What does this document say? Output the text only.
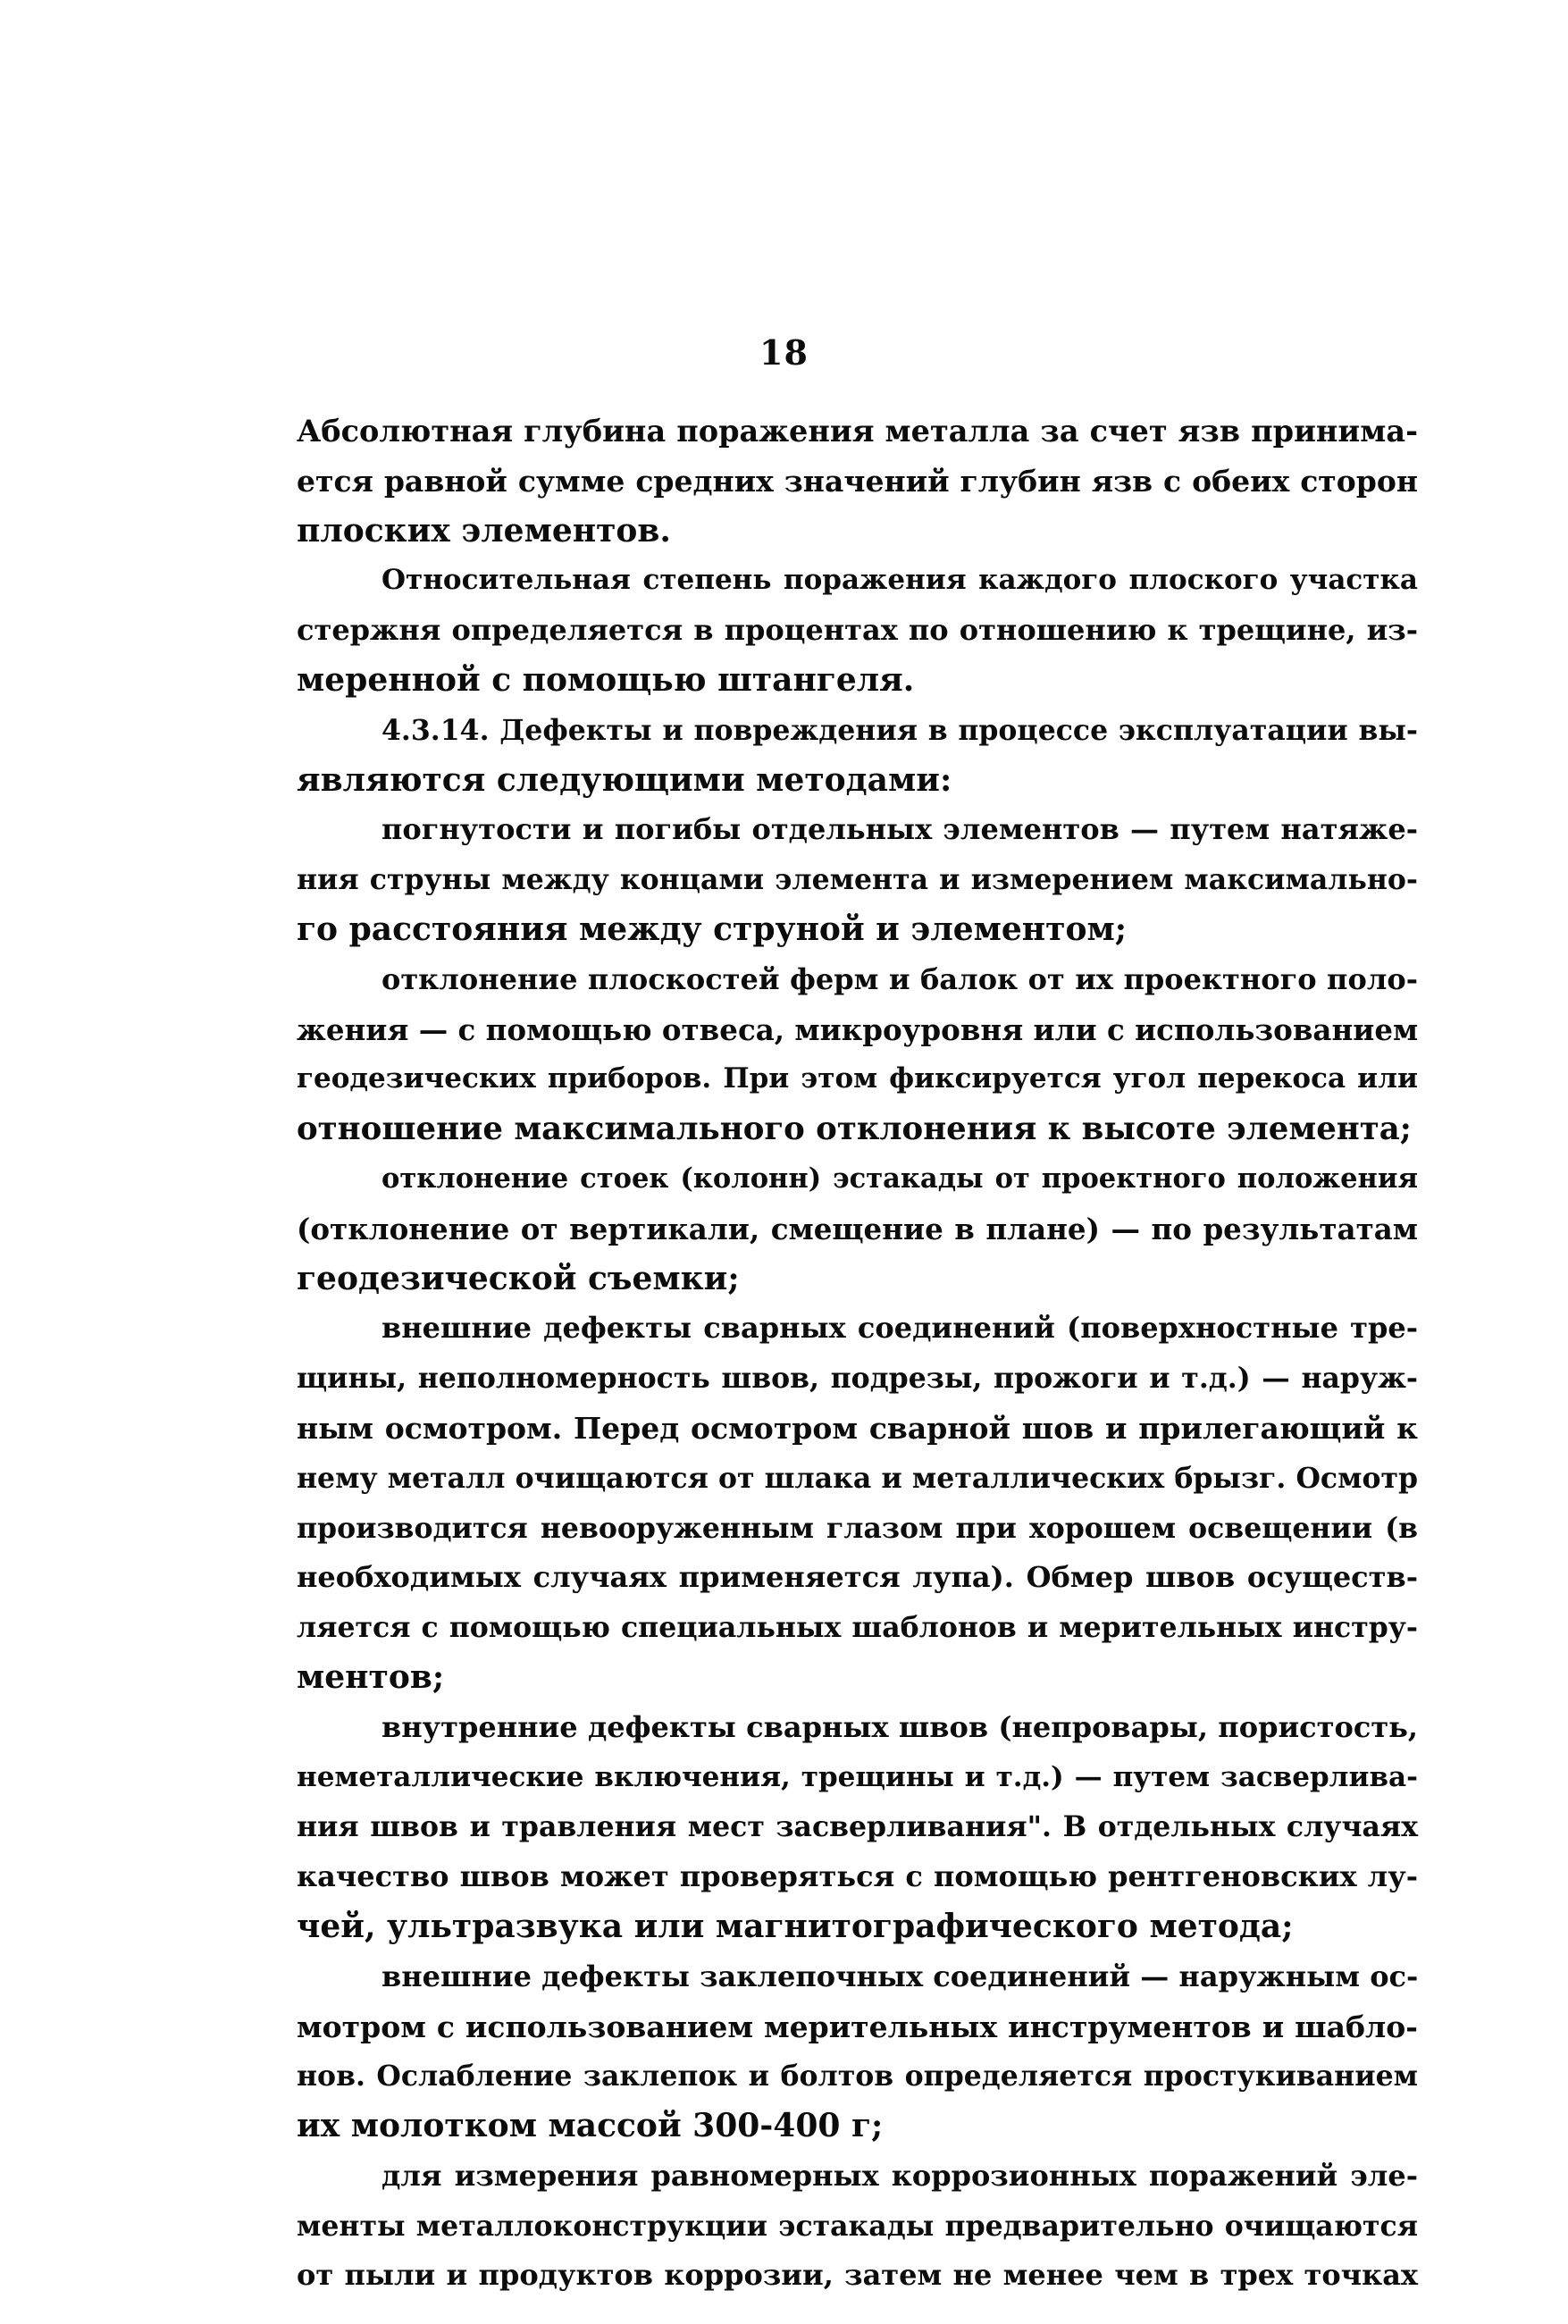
18
Абсолютная глубина поражения металла за счет язв принима-
ется равной сумме средних значений глубин язв с обеих сторон
плоских элементов.
Относительная степень поражения каждого плоского участка
стержня определяется в процентах по отношению к трещине, из-
меренной с помощью штангеля.
4.3.14. Дефекты и повреждения в процессе эксплуатации вы-
являются следующими методами:
погнутости и погибы отдельных элементов — путем натяже-
ния струны между концами элемента и измерением максимально-
го расстояния между струной и элементом;
отклонение плоскостей ферм и балок от их проектного поло-
жения — с помощью отвеса, микроуровня или с использованием
геодезических приборов. При этом фиксируется угол перекоса или
отношение максимального отклонения к высоте элемента;
отклонение стоек (колонн) эстакады от проектного положения
(отклонение от вертикали, смещение в плане) — по результатам
геодезической съемки;
внешние дефекты сварных соединений (поверхностные тре-
щины, неполномерность швов, подрезы, прожоги и т.д.) — наруж-
ным осмотром. Перед осмотром сварной шов и прилегающий к
нему металл очищаются от шлака и металлических брызг. Осмотр
производится невооруженным глазом при хорошем освещении (в
необходимых случаях применяется лупа). Обмер швов осуществ-
ляется с помощью специальных шаблонов и мерительных инстру-
ментов;
внутренние дефекты сварных швов (непровары, пористость,
неметаллические включения, трещины и т.д.) — путем засверлива-
ния швов и травления мест засверливания". В отдельных случаях
качество швов может проверяться с помощью рентгеновских лу-
чей, ультразвука или магнитографического метода;
внешние дефекты заклепочных соединений — наружным ос-
мотром с использованием мерительных инструментов и шабло-
нов. Ослабление заклепок и болтов определяется простукиванием
их молотком массой 300-400 г;
для измерения равномерных коррозионных поражений эле-
менты металлоконструкции эстакады предварительно очищаются
от пыли и продуктов коррозии, затем не менее чем в трех точках
